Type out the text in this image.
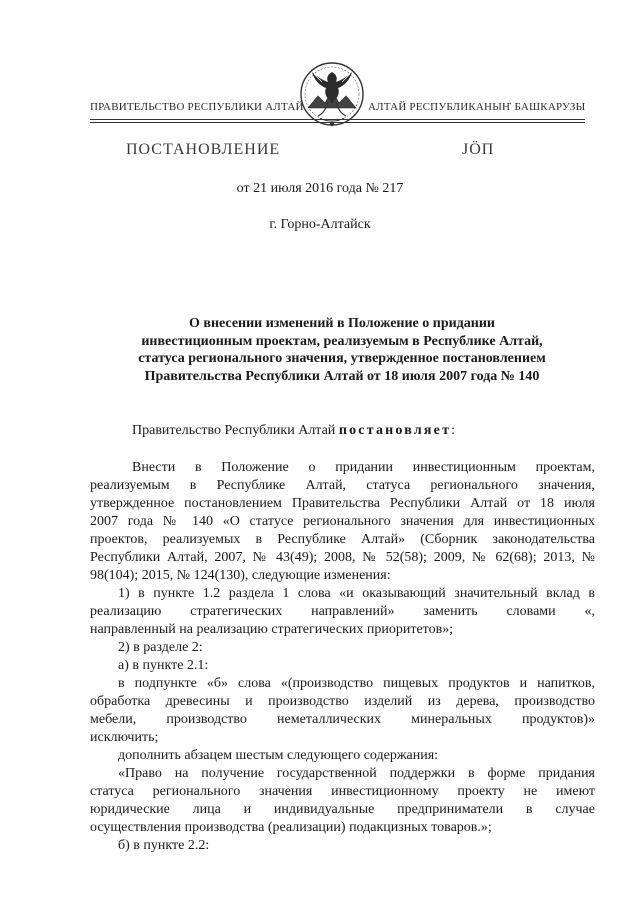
ПРАВИТЕЛЬСТВО РЕСПУБЛИКИ АЛТАЙ	АЛТАЙ РЕСПУБЛИКАНЫҤ БАШКАРУЗЫ
ПОСТАНОВЛЕНИЕ	JÖП
от 21 июля 2016 года № 217
г. Горно-Алтайск
О внесении изменений в Положение о придании
инвестиционным проектам, реализуемым в Республике Алтай,
статуса регионального значения, утвержденное постановлением
Правительства Республики Алтай от 18 июля 2007 года № 140
Правительство Республики Алтай постановляет:
Внести в Положение о придании инвестиционным проектам,
реализуемым в Республике Алтай, статуса регионального значения,
утвержденное постановлением Правительства Республики Алтай от 18 июля
2007 года № 140 «О статусе регионального значения для инвестиционных
проектов, реализуемых в Республике Алтай» (Сборник законодательства
Республики Алтай, 2007, № 43(49); 2008, № 52(58); 2009, № 62(68); 2013, №
98(104); 2015, № 124(130), следующие изменения:
1) в пункте 1.2 раздела 1 слова «и оказывающий значительный вклад в
реализацию стратегических направлений» заменить словами «,
направленный на реализацию стратегических приоритетов»;
2) в разделе 2:
а) в пункте 2.1:
в подпункте «б» слова «(производство пищевых продуктов и напитков,
обработка древесины и производство изделий из дерева, производство
мебели, производство неметаллических минеральных продуктов)»
исключить;
дополнить абзацем шестым следующего содержания:
«Право на получение государственной поддержки в форме придания
статуса регионального значения инвестиционному проекту не имеют
юридические лица и индивидуальные предприниматели в случае
осуществления производства (реализации) подакцизных товаров.»;
б) в пункте 2.2:
